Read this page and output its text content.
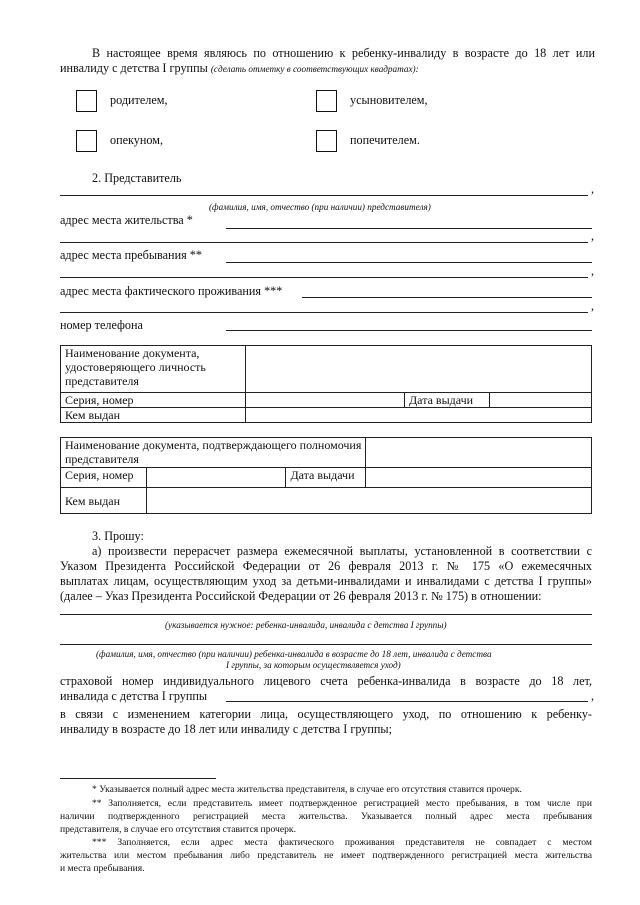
В настоящее время являюсь по отношению к ребенку-инвалиду в возрасте до 18 лет или
инвалиду с детства I группы (сделать отметку в соответствующих квадратах):
родителем,	усыновителем,
опекуном,	попечителем.
2. Представитель
,
(фамилия, имя, отчество (при наличии) представителя)
адрес места жительства *
,
адрес места пребывания **
,
адрес места фактического проживания ***
,
номер телефона
Наименование документа, удостоверяющего личность представителя			
Серия, номер		Дата выдачи	
Кем выдан			
Наименование документа, подтверждающего полномочия представителя			
Серия, номер		Дата выдачи	
Кем выдан			
3. Прошу:
а) произвести перерасчет размера ежемесячной выплаты, установленной в соответствии с
Указом Президента Российской Федерации от 26 февраля 2013 г. № 175 «О ежемесячных
выплатах лицам, осуществляющим уход за детьми-инвалидами и инвалидами с детства I группы»
(далее – Указ Президента Российской Федерации от 26 февраля 2013 г. № 175) в отношении:
(указывается нужное: ребенка-инвалида, инвалида с детства I группы)
(фамилия, имя, отчество (при наличии) ребенка-инвалида в возрасте до 18 лет, инвалида с детства
I группы, за которым осуществляется уход)
страховой номер индивидуального лицевого счета ребенка-инвалида в возрасте до 18 лет,
инвалида с детства I группы	,
в связи с изменением категории лица, осуществляющего уход, по отношению к ребенку-
инвалиду в возрасте до 18 лет или инвалиду с детства I группы;
* Указывается полный адрес места жительства представителя, в случае его отсутствия ставится прочерк.
** Заполняется, если представитель имеет подтвержденное регистрацией место пребывания, в том числе при
наличии подтвержденного регистрацией места жительства. Указывается полный адрес места пребывания
представителя, в случае его отсутствия ставится прочерк.
*** Заполняется, если адрес места фактического проживания представителя не совпадает с местом
жительства или местом пребывания либо представитель не имеет подтвержденного регистрацией места жительства
и места пребывания.
